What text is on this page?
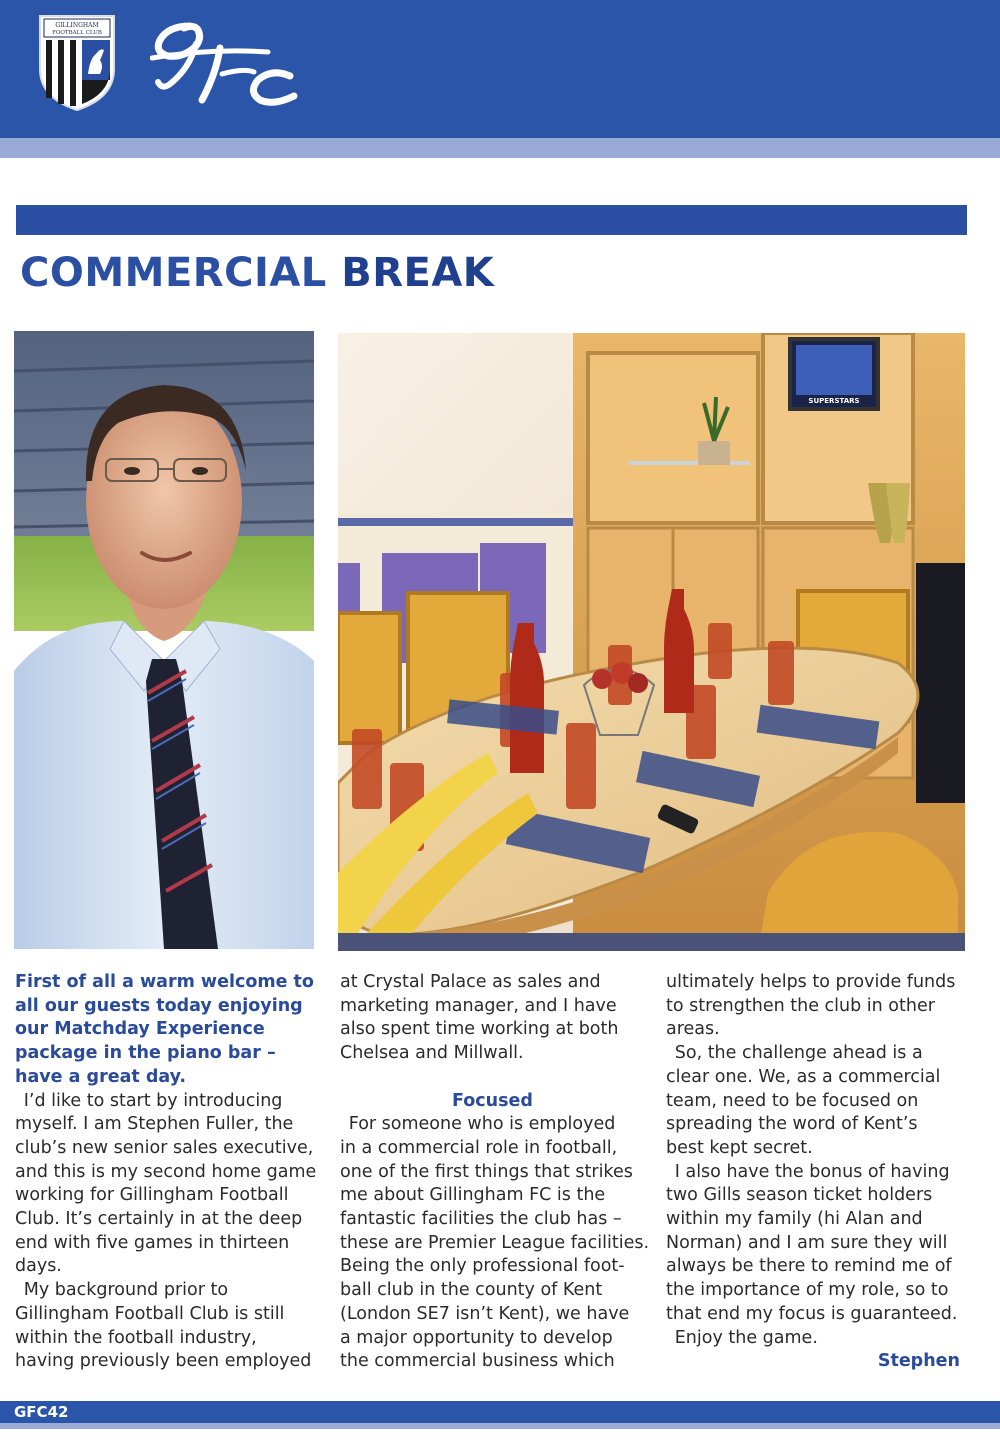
GILLINGHAM
FOOTBALL CLUB
COMMERCIAL BREAK
SUPERSTARS
First of all a warm welcome to
all our guests today enjoying
our Matchday Experience
package in the piano bar –
have a great day.
 I’d like to start by introducing
myself. I am Stephen Fuller, the
club’s new senior sales executive,
and this is my second home game
working for Gillingham Football
Club. It’s certainly in at the deep
end with five games in thirteen
days.
 My background prior to
Gillingham Football Club is still
within the football industry,
having previously been employed
at Crystal Palace as sales and
marketing manager, and I have
also spent time working at both
Chelsea and Millwall.
Focused
 For someone who is employed
in a commercial role in football,
one of the first things that strikes
me about Gillingham FC is the
fantastic facilities the club has –
these are Premier League facilities.
Being the only professional foot-
ball club in the county of Kent
(London SE7 isn’t Kent), we have
a major opportunity to develop
the commercial business which
ultimately helps to provide funds
to strengthen the club in other
areas.
 So, the challenge ahead is a
clear one. We, as a commercial
team, need to be focused on
spreading the word of Kent’s
best kept secret.
 I also have the bonus of having
two Gills season ticket holders
within my family (hi Alan and
Norman) and I am sure they will
always be there to remind me of
the importance of my role, so to
that end my focus is guaranteed.
 Enjoy the game.
Stephen
GFC42
